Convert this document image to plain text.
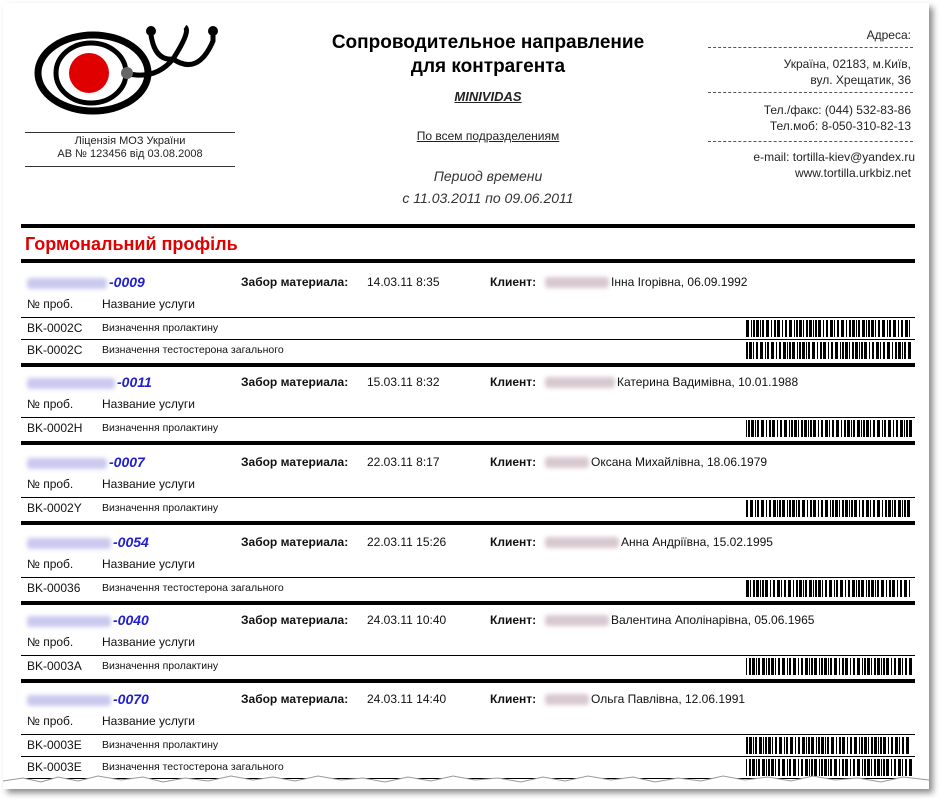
Ліцензія МОЗ України
АВ № 123456 від 03.08.2008
Сопроводительное направление
для контрагента
MINIVIDAS
По всем подразделениям
Период времени
с 11.03.2011 по 09.06.2011
Адреса:
Україна, 02183, м.Київ,
вул. Хрещатик, 36
Тел./факс: (044) 532-83-86
Тел.моб: 8-050-310-82-13
e-mail: tortilla-kiev@yandex.ru
www.tortilla.urkbiz.net
Гормональний профіль
-0009	Забор материала: 14.03.11 8:35	Клиент:	Інна Ігорівна, 06.09.1992
№ проб. Название услуги
BK-0002C Визначення пролактину
BK-0002C Визначення тестостерона загального
-0011	Забор материала: 15.03.11 8:32	Клиент:	Катерина Вадимівна, 10.01.1988
№ проб. Название услуги
BK-0002H Визначення пролактину
-0007	Забор материала: 22.03.11 8:17	Клиент:	Оксана Михайлівна, 18.06.1979
№ проб. Название услуги
BK-0002Y Визначення пролактину
-0054	Забор материала: 22.03.11 15:26	Клиент:	Анна Андріївна, 15.02.1995
№ проб. Название услуги
BK-00036 Визначення тестостерона загального
-0040	Забор материала: 24.03.11 10:40	Клиент:	Валентина Аполінарівна, 05.06.1965
№ проб. Название услуги
BK-0003A Визначення пролактину
-0070	Забор материала: 24.03.11 14:40	Клиент:	Ольга Павлівна, 12.06.1991
№ проб. Название услуги
BK-0003E Визначення пролактину
BK-0003E Визначення тестостерона загального
